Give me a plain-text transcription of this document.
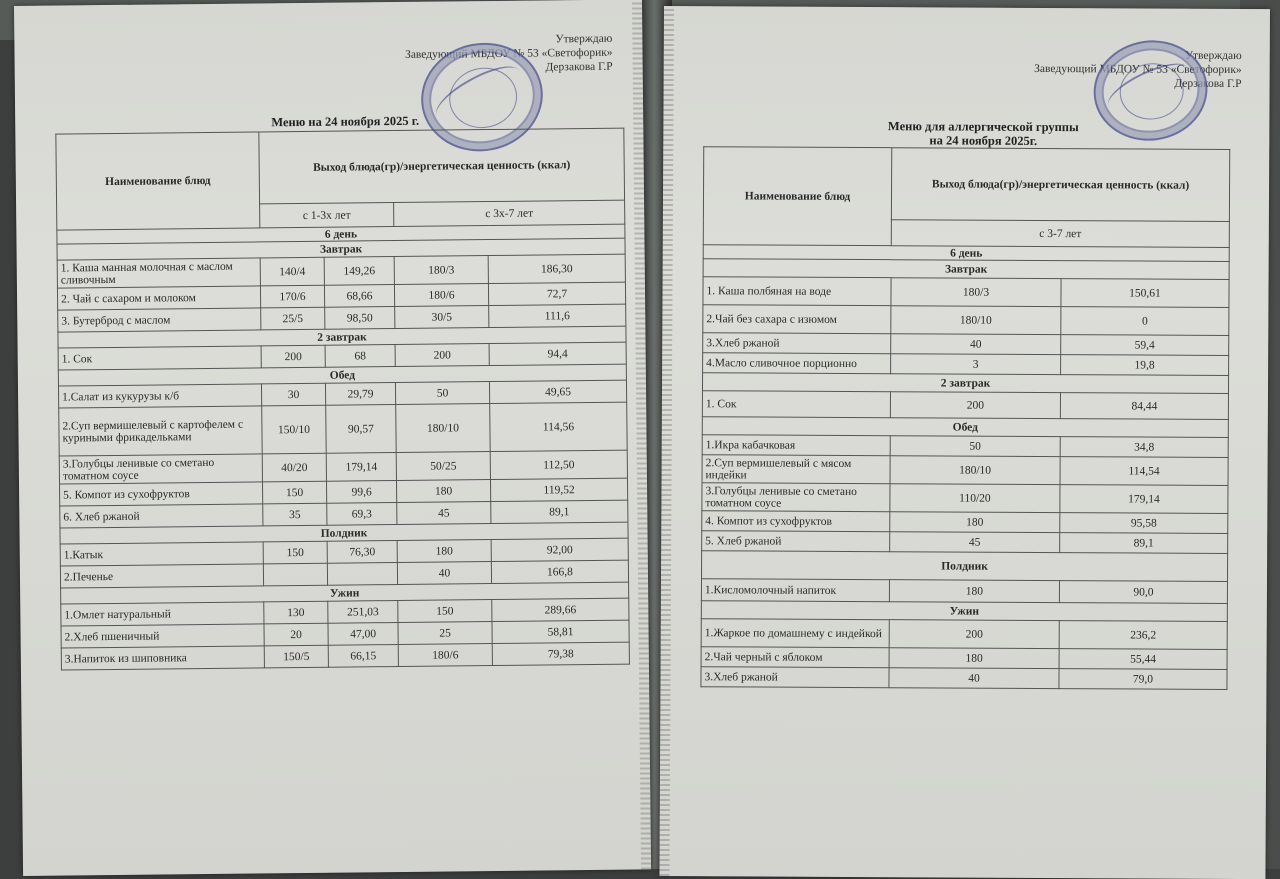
Утверждаю
Заведующий МБДОУ № 53 «Светофорик»
Дерзакова Г.Р
Меню на 24 ноября 2025 г.
Наименование блюд	Выход блюда(гр)/энергетическая ценность (ккал)			
	с 1-3х лет		с 3х-7 лет	
6 день				
Завтрак				
1. Каша манная молочная с маслом сливочным	140/4	149,26	180/3	186,30
2. Чай с сахаром и молоком	170/6	68,66	180/6	72,7
3. Бутерброд с маслом	25/5	98,50	30/5	111,6
2 завтрак				
1. Сок	200	68	200	94,4
Обед				
1.Салат из кукурузы к/б	30	29,79	50	49,65
2.Суп вермишелевый с картофелем с куриными фрикадельками	150/10	90,57	180/10	114,56
3.Голубцы ленивые со сметано томатном соусе	40/20	179,14	50/25	112,50
5. Компот из сухофруктов	150	99,6	180	119,52
6. Хлеб ржаной	35	69,3	45	89,1
Полдник				
1.Катык	150	76,30	180	92,00
2.Печенье			40	166,8
Ужин				
1.Омлет натуральный	130	251,03	150	289,66
2.Хлеб пшеничный	20	47,00	25	58,81
3.Напиток из шиповника	150/5	66,15	180/6	79,38
Утверждаю
Заведующий МБДОУ № 53 «Светофорик»
Дерзакова Г.Р
Меню для аллергической группы
на 24 ноября 2025г.
Наименование блюд	Выход блюда(гр)/энергетическая ценность (ккал)	
	с 3-7 лет	
6 день		
Завтрак		
1. Каша полбяная на воде	180/3	150,61
2.Чай без сахара с изюмом	180/10	0
3.Хлеб ржаной	40	59,4
4.Масло сливочное порционно	3	19,8
2 завтрак		
1. Сок	200	84,44
Обед		
1.Икра кабачковая	50	34,8
2.Суп вермишелевый с мясом индейки	180/10	114,54
3.Голубцы ленивые со сметано томатном соусе	110/20	179,14
4. Компот из сухофруктов	180	95,58
5. Хлеб ржаной	45	89,1
Полдник		
1.Кисломолочный напиток	180	90,0
Ужин		
1.Жаркое по домашнему с индейкой	200	236,2
2.Чай черный с яблоком	180	55,44
3.Хлеб ржаной	40	79,0
